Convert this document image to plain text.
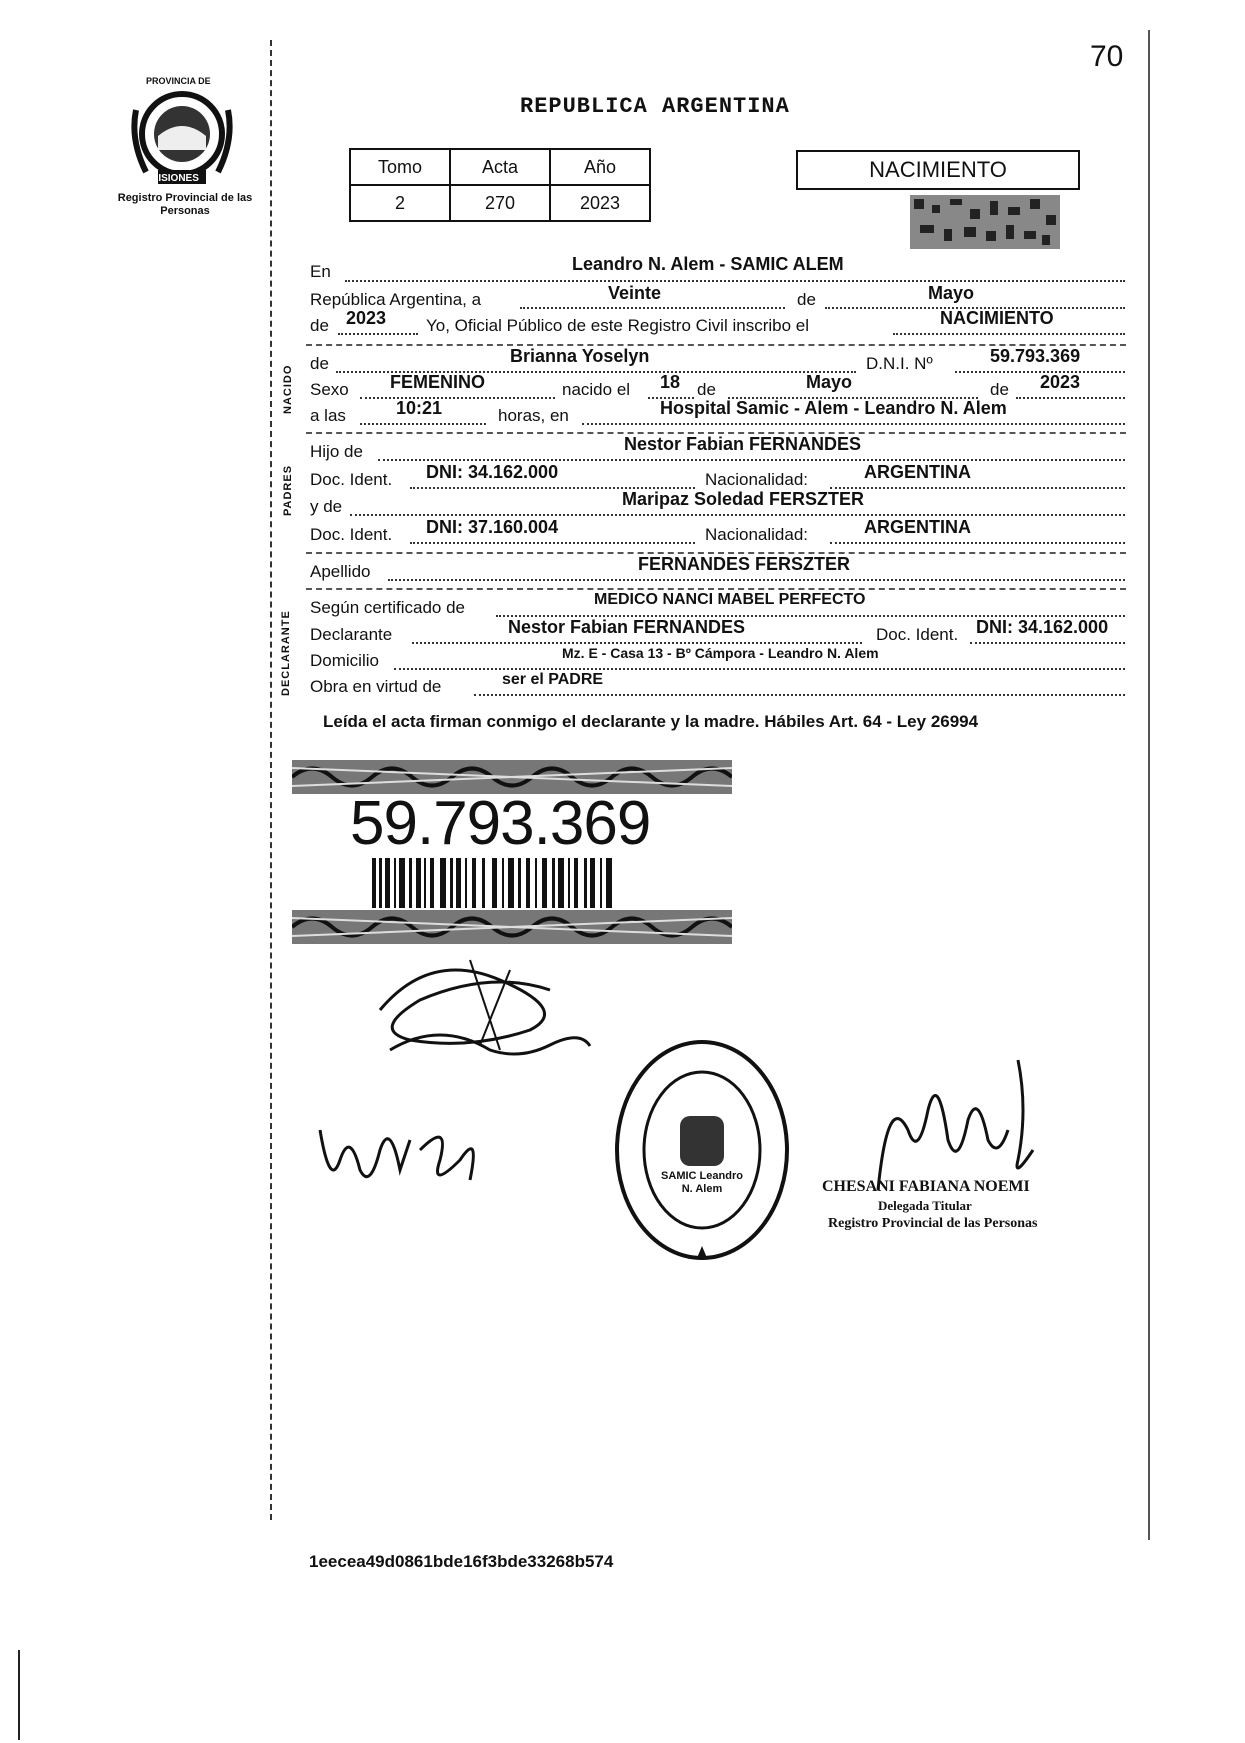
70
PROVINCIA DE
MISIONES
Registro Provincial de las Personas
REPUBLICA ARGENTINA
Tomo	Acta	Año
2	270	2023
NACIMIENTO
En	Leandro N. Alem - SAMIC ALEM
República Argentina, a	Veinte	de	Mayo
de 2023 Yo, Oficial Público de este Registro Civil inscribo el	NACIMIENTO
NACIDO
de	Brianna Yoselyn	D.N.I. Nº	59.793.369
Sexo FEMENINO	nacido el 18 de	Mayo	de 2023
a las	10:21	horas, en	Hospital Samic - Alem - Leandro N. Alem
PADRES
Hijo de	Nestor Fabian FERNANDES
Doc. Ident. DNI: 34.162.000	Nacionalidad:	ARGENTINA
y de	Maripaz Soledad FERSZTER
Doc. Ident. DNI: 37.160.004	Nacionalidad:	ARGENTINA
Apellido	FERNANDES FERSZTER
DECLARANTE
Según certificado de	MEDICO NANCI MABEL PERFECTO
Declarante	Nestor Fabian FERNANDES	Doc. Ident. DNI: 34.162.000
Domicilio	Mz. E - Casa 13 - Bº Cámpora - Leandro N. Alem
Obra en virtud de	ser el PADRE
Leída el acta firman conmigo el declarante y la madre. Hábiles Art. 64 - Ley 26994
59.793.369
SAMIC Leandro N. Alem	CHESANI FABIANA NOEMI
Delegada Titular
Registro Provincial de las Personas
1eecea49d0861bde16f3bde33268b574
